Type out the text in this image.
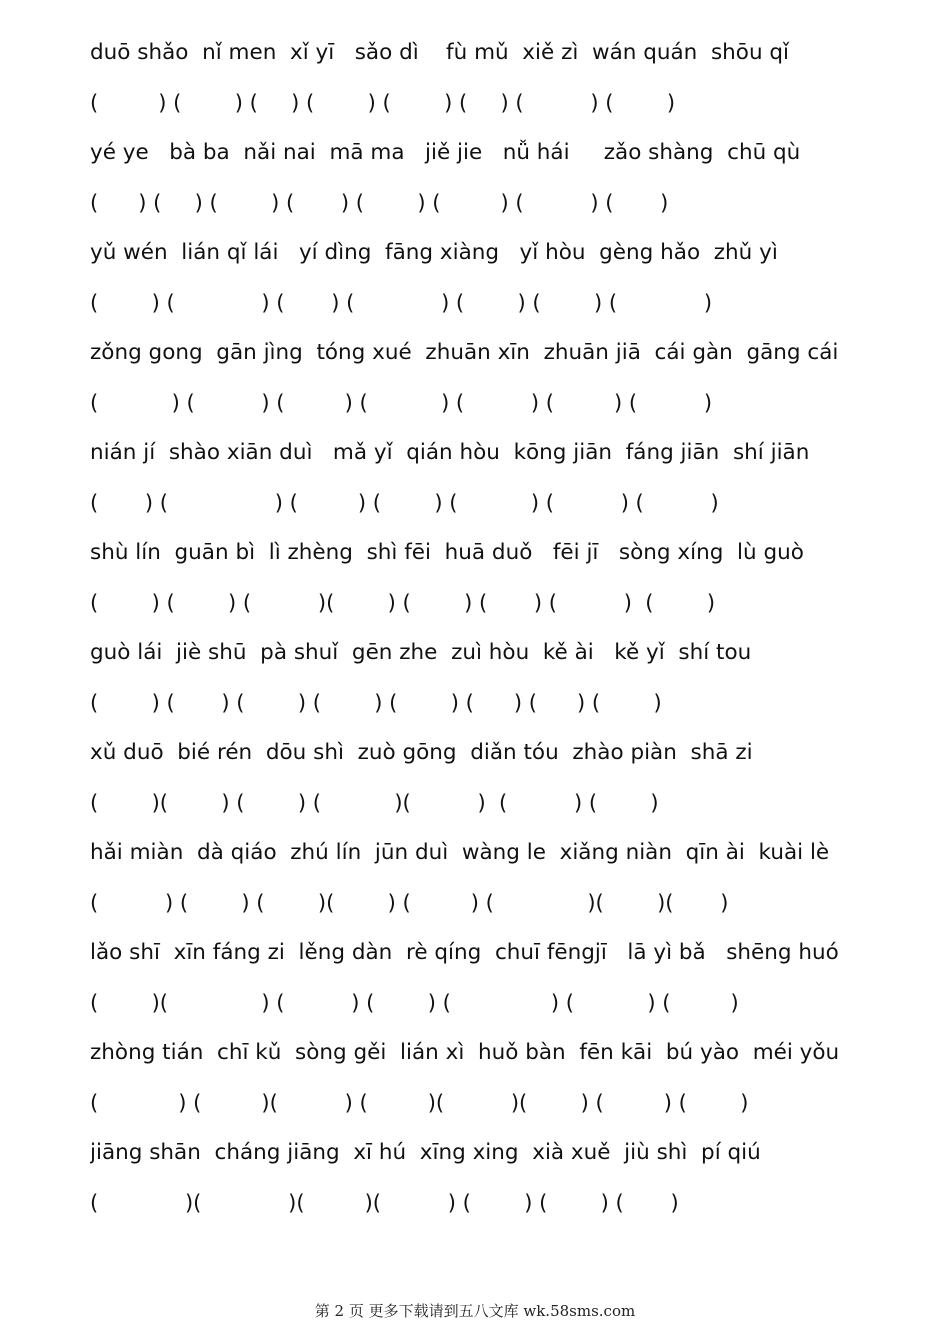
duō shǎo  nǐ men  xǐ yī   sǎo dì    fù mǔ  xiě zì  wán quán  shōu qǐ
(         ) (        ) (     ) (        ) (        ) (     ) (          ) (        )
yé ye   bà ba  nǎi nai  mā ma   jiě jie   nǚ hái     zǎo shàng  chū qù
(      ) (     ) (        ) (       ) (        ) (         ) (          ) (       )
yǔ wén  lián qǐ lái   yí dìng  fāng xiàng   yǐ hòu  gèng hǎo  zhǔ yì
(        ) (             ) (       ) (             ) (        ) (        ) (             )
zǒng gong  gān jìng  tóng xué  zhuān xīn  zhuān jiā  cái gàn  gāng cái
(           ) (          ) (         ) (           ) (          ) (         ) (          )
nián jí  shào xiān duì   mǎ yǐ  qián hòu  kōng jiān  fáng jiān  shí jiān
(       ) (                ) (         ) (        ) (           ) (          ) (          )
shù lín  guān bì  lì zhèng  shì fēi  huā duǒ   fēi jī   sòng xíng  lù guò
(        ) (        ) (          )(        ) (        ) (       ) (          )  (        )
guò lái  jiè shū  pà shuǐ  gēn zhe  zuì hòu  kě ài   kě yǐ  shí tou
(        ) (       ) (        ) (        ) (        ) (      ) (      ) (        )
xǔ duō  bié rén  dōu shì  zuò gōng  diǎn tóu  zhào piàn  shā zi
(        )(        ) (        ) (           )(          )  (          ) (        )
hǎi miàn  dà qiáo  zhú lín  jūn duì  wàng le  xiǎng niàn  qīn ài  kuài lè
(          ) (        ) (        )(        ) (         ) (              )(        )(       )
lǎo shī  xīn fáng zi  lěng dàn  rè qíng  chuī fēngjī   lā yì bǎ   shēng huó
(        )(              ) (          ) (        ) (               ) (           ) (         )
zhòng tián  chī kǔ  sòng gěi  lián xì  huǒ bàn  fēn kāi  bú yào  méi yǒu
(            ) (         )(          ) (         )(          )(        ) (         ) (        )
jiāng shān  cháng jiāng  xī hú  xīng xing  xià xuě  jiù shì  pí qiú
(             )(             )(         )(          ) (        ) (        ) (       )
第 2 页 更多下载请到五八文库 wk.58sms.com
